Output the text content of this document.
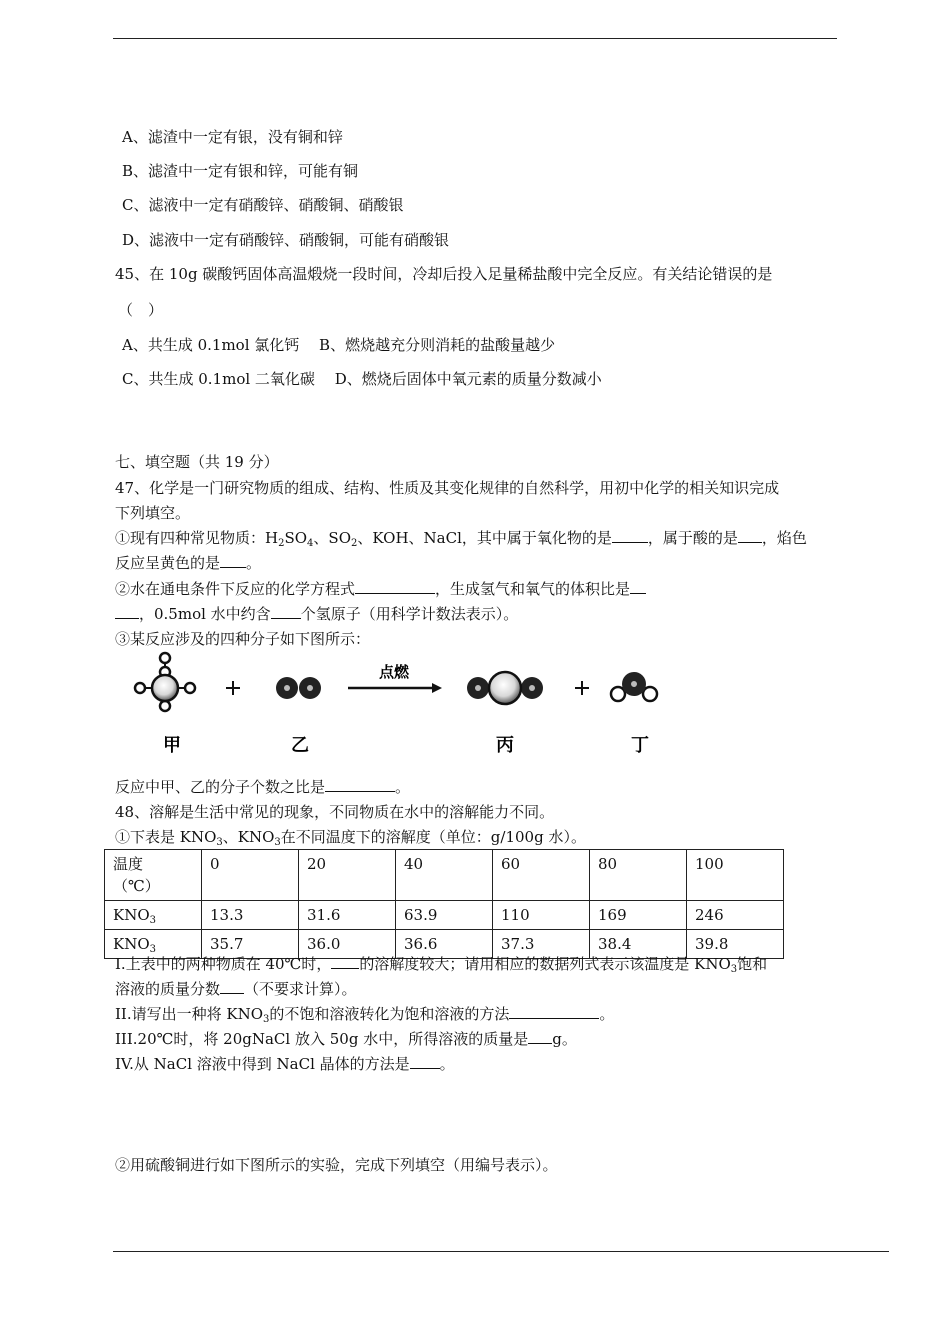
A、滤渣中一定有银，没有铜和锌
B、滤渣中一定有银和锌，可能有铜
C、滤液中一定有硝酸锌、硝酸铜、硝酸银
D、滤液中一定有硝酸锌、硝酸铜，可能有硝酸银
45、在 10g 碳酸钙固体高温煅烧一段时间，冷却后投入足量稀盐酸中完全反应。有关结论错误的是
（　）
A、共生成 0.1mol 氯化钙　 B、燃烧越充分则消耗的盐酸量越少
C、共生成 0.1mol 二氧化碳　 D、燃烧后固体中氧元素的质量分数减小
七、填空题（共 19 分）
47、化学是一门研究物质的组成、结构、性质及其变化规律的自然科学，用初中化学的相关知识完成
下列填空。
①现有四种常见物质：$H_2SO_4$、$SO_2$、KOH、NaCl，其中属于氧化物的是 ，属于酸的是 ，焰色
反应呈黄色的是 。
②水在通电条件下反应的化学方程式	，生成氢气和氧气的体积比是
，0.5mol 水中约含 个氢原子（用科学计数法表示）。
③某反应涉及的四种分子如下图所示：
点燃
甲	乙	丙	丁
反应中甲、乙的分子个数之比是	。
48、溶解是生活中常见的现象，不同物质在水中的溶解能力不同。
①下表是 $KNO_3$、$KNO_3$在不同温度下的溶解度（单位：g/100g 水）。
温度
（℃）	0	20	40	60	80	100
$KNO_3$	13.3	31.6	63.9	110	169	246
$KNO_3$	35.7	36.0	36.6	37.3	38.4	39.8
I.上表中的两种物质在 40℃时， 的溶解度较大；请用相应的数据列式表示该温度是 $KNO_3$饱和
溶液的质量分数 （不要求计算）。
II.请写出一种将 $KNO_3$的不饱和溶液转化为饱和溶液的方法	。
III.20℃时，将 20gNaCl 放入 50g 水中，所得溶液的质量是 g。
IV.从 NaCl 溶液中得到 NaCl 晶体的方法是 。
②用硫酸铜进行如下图所示的实验，完成下列填空（用编号表示）。
